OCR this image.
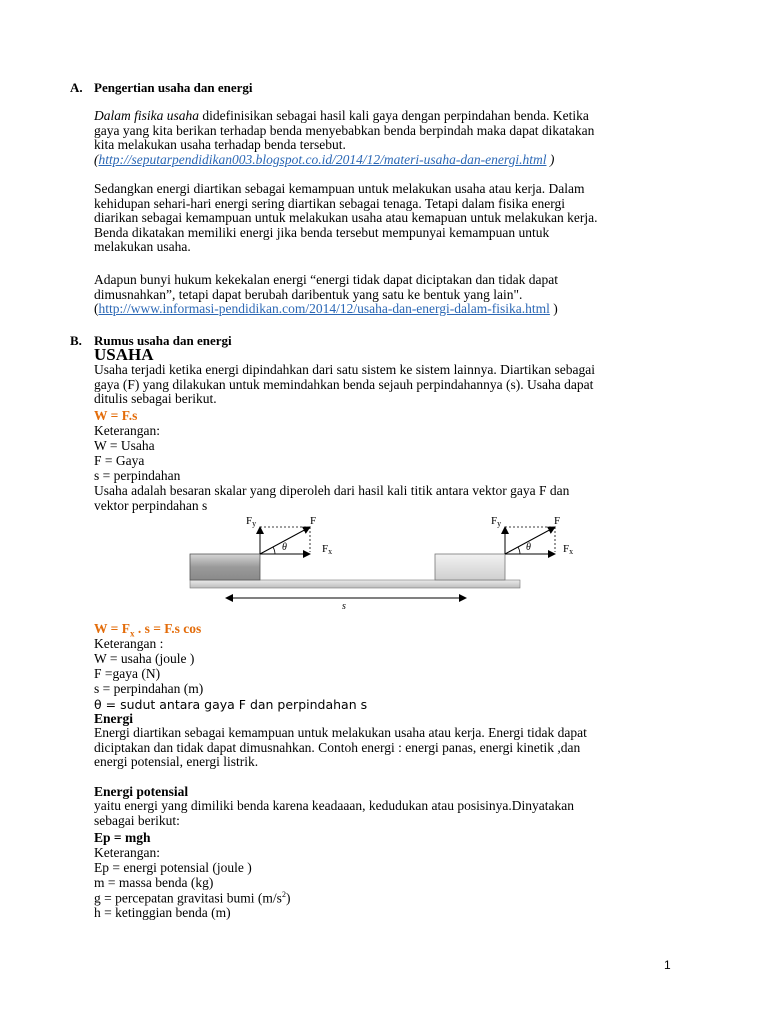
A. Pengertian usaha dan energi
Dalam fisika usaha didefinisikan sebagai hasil kali gaya dengan perpindahan benda. Ketika
gaya yang kita berikan terhadap benda menyebabkan benda berpindah maka dapat dikatakan
kita melakukan usaha terhadap benda tersebut.
(http://seputarpendidikan003.blogspot.co.id/2014/12/materi-usaha-dan-energi.html )
Sedangkan energi diartikan sebagai kemampuan untuk melakukan usaha atau kerja. Dalam
kehidupan sehari-hari energi sering diartikan sebagai tenaga. Tetapi dalam fisika energi
diarikan sebagai kemampuan untuk melakukan usaha atau kemapuan untuk melakukan kerja.
Benda dikatakan memiliki energi jika benda tersebut mempunyai kemampuan untuk
melakukan usaha.
Adapun bunyi hukum kekekalan energi “energi tidak dapat diciptakan dan tidak dapat
dimusnahkan”, tetapi dapat berubah daribentuk yang satu ke bentuk yang lain".
(http://www.informasi-pendidikan.com/2014/12/usaha-dan-energi-dalam-fisika.html )
B. Rumus usaha dan energi
USAHA
Usaha terjadi ketika energi dipindahkan dari satu sistem ke sistem lainnya. Diartikan sebagai
gaya (F) yang dilakukan untuk memindahkan benda sejauh perpindahannya (s). Usaha dapat
ditulis sebagai berikut.
W = F.s
Keterangan:
W = Usaha
F = Gaya
s = perpindahan
Usaha adalah besaran skalar yang diperoleh dari hasil kali titik antara vektor gaya F dan
vektor perpindahan s
Fy	F
Fx
θ
Fy	F
Fx
θ
s
$W = F_x$ . s = F.s cos
Keterangan :
W = usaha (joule )
F =gaya (N)
s = perpindahan (m)
θ = sudut antara gaya F dan perpindahan s
Energi
Energi diartikan sebagai kemampuan untuk melakukan usaha atau kerja. Energi tidak dapat
diciptakan dan tidak dapat dimusnahkan. Contoh energi : energi panas, energi kinetik ,dan
energi potensial, energi listrik.
Energi potensial
yaitu energi yang dimiliki benda karena keadaaan, kedudukan atau posisinya.Dinyatakan
sebagai berikut:
Ep = mgh
Keterangan:
Ep = energi potensial (joule )
m = massa benda (kg)
g = percepatan gravitasi bumi $(m/s^2)$
h = ketinggian benda (m)
1
